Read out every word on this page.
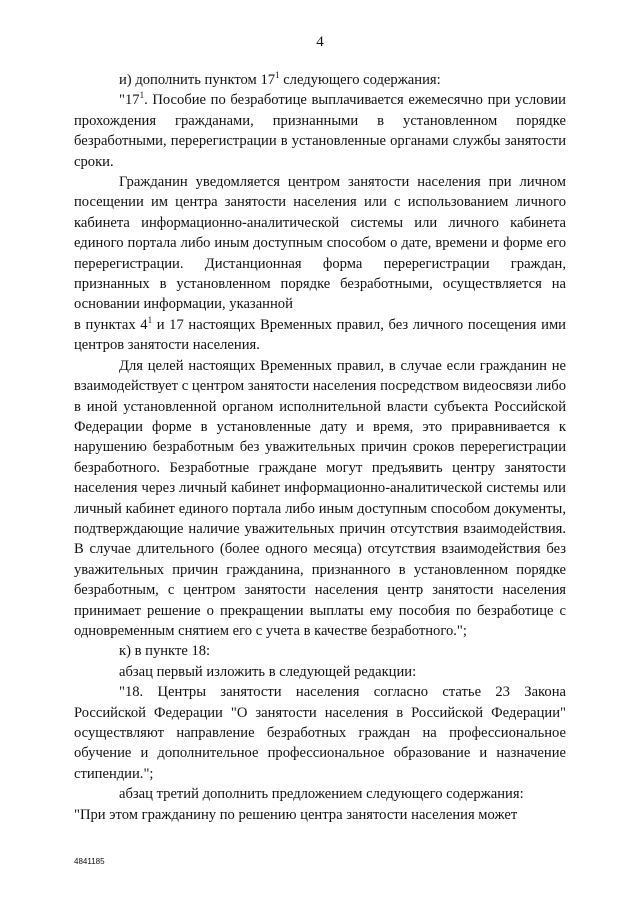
4

и) дополнить пунктом $17^1$ следующего содержания:

"$17^1$. Пособие по безработице выплачивается ежемесячно при условии прохождения гражданами, признанными в установленном порядке безработными, перерегистрации в установленные органами службы занятости сроки.

Гражданин уведомляется центром занятости населения при личном посещении им центра занятости населения или с использованием личного кабинета информационно-аналитической системы или личного кабинета единого портала либо иным доступным способом о дате, времени и форме его перерегистрации. Дистанционная форма перерегистрации граждан, признанных в установленном порядке безработными, осуществляется на основании информации, указанной

в пунктах $4^1$ и 17 настоящих Временных правил, без личного посещения ими центров занятости населения.

Для целей настоящих Временных правил, в случае если гражданин не взаимодействует с центром занятости населения посредством видеосвязи либо в иной установленной органом исполнительной власти субъекта Российской Федерации форме в установленные дату и время, это приравнивается к нарушению безработным без уважительных причин сроков перерегистрации безработного. Безработные граждане могут предъявить центру занятости населения через личный кабинет информационно-аналитической системы или личный кабинет единого портала либо иным доступным способом документы, подтверждающие наличие уважительных причин отсутствия взаимодействия. В случае длительного (более одного месяца) отсутствия взаимодействия без уважительных причин гражданина, признанного в установленном порядке безработным, с центром занятости населения центр занятости населения принимает решение о прекращении выплаты ему пособия по безработице с одновременным снятием его с учета в качестве безработного.";

к) в пункте 18:

абзац первый изложить в следующей редакции:

"18. Центры занятости населения согласно статье 23 Закона Российской Федерации "О занятости населения в Российской Федерации" осуществляют направление безработных граждан на профессиональное обучение и дополнительное профессиональное образование и назначение стипендии.";

абзац третий дополнить предложением следующего содержания:

"При этом гражданину по решению центра занятости населения может

4841185
